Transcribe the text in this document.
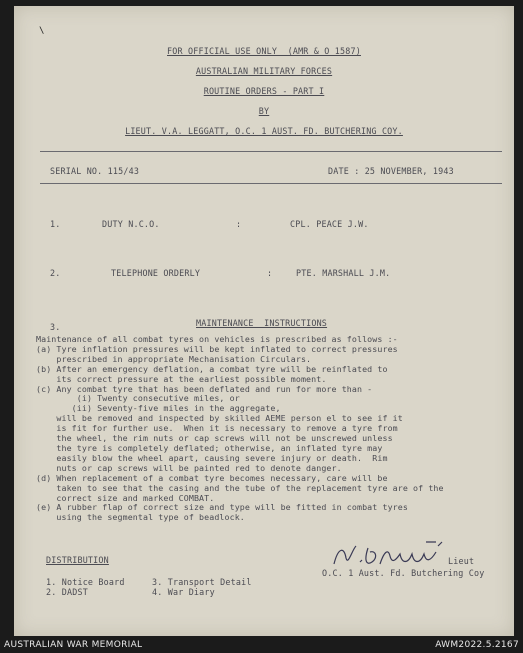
\
FOR OFFICIAL USE ONLY  (AMR & O 1587)
AUSTRALIAN MILITARY FORCES
ROUTINE ORDERS - PART I
BY
LIEUT. V.A. LEGGATT, O.C. 1 AUST. FD. BUTCHERING COY.
SERIAL NO. 115/43	DATE : 25 NOVEMBER, 1943
1.	DUTY N.C.O.	:	CPL. PEACE J.W.
2.	TELEPHONE ORDERLY	:	PTE. MARSHALL J.M.
3.	MAINTENANCE  INSTRUCTIONS
Maintenance of all combat tyres on vehicles is prescribed as follows :-
(a) Tyre inflation pressures will be kept inflated to correct pressures
prescribed in appropriate Mechanisation Circulars.
(b) After an emergency deflation, a combat tyre will be reinflated to
its correct pressure at the earliest possible moment.
(c) Any combat tyre that has been deflated and run for more than -
(i) Twenty consecutive miles, or
(ii) Seventy-five miles in the aggregate,
will be removed and inspected by skilled AEME person el to see if it
is fit for further use.  When it is necessary to remove a tyre from
the wheel, the rim nuts or cap screws will not be unscrewed unless
the tyre is completely deflated; otherwise, an inflated tyre may
easily blow the wheel apart, causing severe injury or death.  Rim
nuts or cap screws will be painted red to denote danger.
(d) When replacement of a combat tyre becomes necessary, care will be
taken to see that the casing and the tube of the replacement tyre are of the
correct size and marked COMBAT.
(e) A rubber flap of correct size and type will be fitted in combat tyres
using the segmental type of beadlock.
DISTRIBUTION
1. Notice Board
2. DADST
3. Transport Detail
4. War Diary
Lieut
O.C. 1 Aust. Fd. Butchering Coy
AUSTRALIAN WAR MEMORIAL	AWM2022.5.2167
